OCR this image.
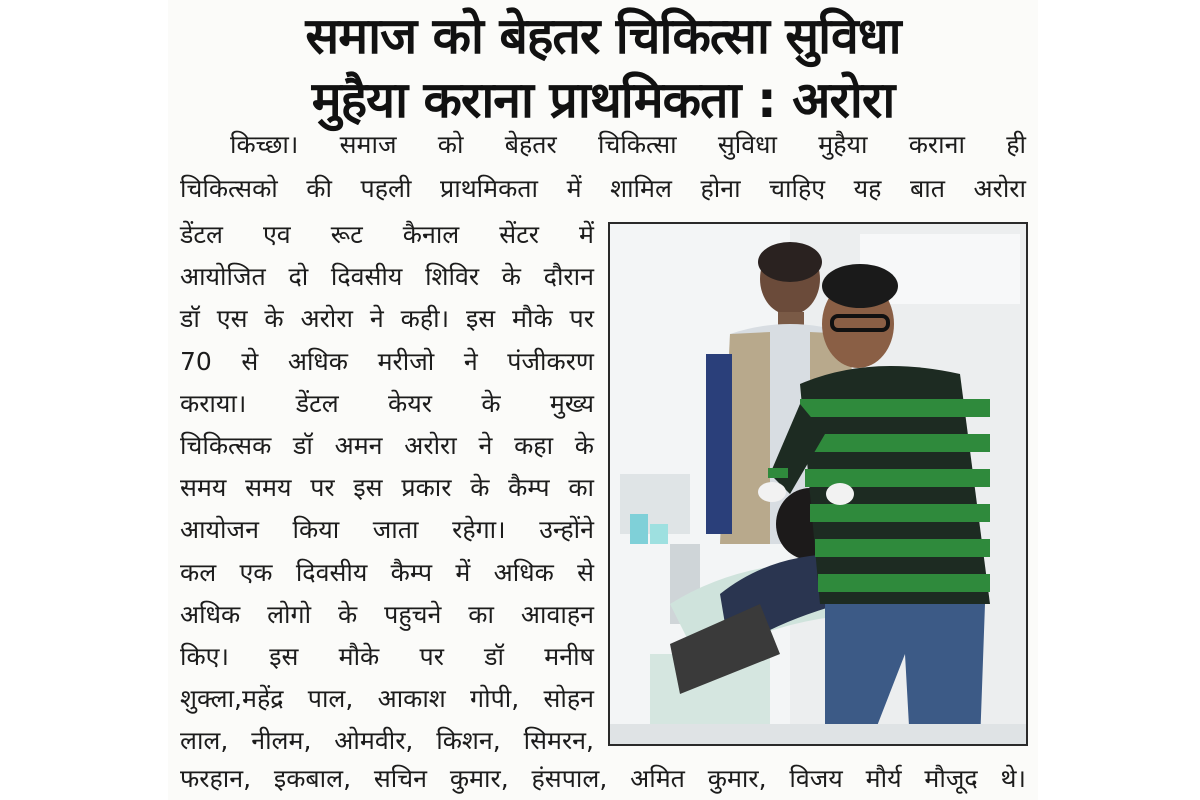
समाज को बेहतर चिकित्सा सुविधा
मुहैया कराना प्राथमिकता : अरोरा
किच्छा। समाज को बेहतर चिकित्सा सुविधा मुहैया कराना ही
चिकित्सको की पहली प्राथमिकता में शामिल होना चाहिए यह बात अरोरा
डेंटल एव रूट कैनाल सेंटर में
आयोजित दो दिवसीय शिविर के दौरान
डॉ एस के अरोरा ने कही। इस मौके पर
70 से अधिक मरीजो ने पंजीकरण
कराया। डेंटल केयर के मुख्य
चिकित्सक डॉ अमन अरोरा ने कहा के
समय समय पर इस प्रकार के कैम्प का
आयोजन किया जाता रहेगा। उन्होंने
कल एक दिवसीय कैम्प में अधिक से
अधिक लोगो के पहुचने का आवाहन
किए। इस मौके पर डॉ मनीष
शुक्ला,महेंद्र पाल, आकाश गोपी, सोहन
लाल, नीलम, ओमवीर, किशन, सिमरन,
फरहान, इकबाल, सचिन कुमार, हंसपाल, अमित कुमार, विजय मौर्य मौजूद थे।
